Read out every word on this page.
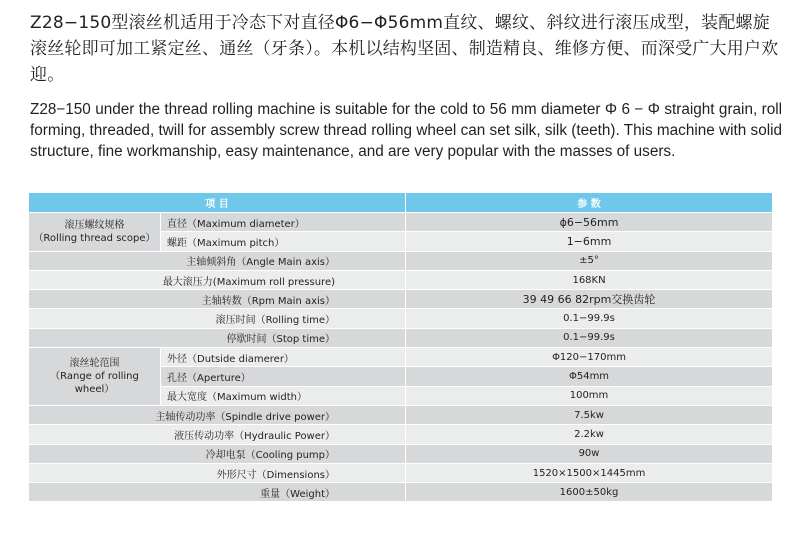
Z28−150型滚丝机适用于冷态下对直径Φ6−Φ56mm直纹、螺纹、斜纹进行滚压成型，装配螺旋滚丝轮即可加工紧定丝、通丝（牙条）。本机以结构坚固、制造精良、维修方便、而深受广大用户欢迎。
Z28−150 under the thread rolling machine is suitable for the cold to 56 mm diameter Φ 6 − Φ straight grain, roll forming, threaded, twill for assembly screw thread rolling wheel can set silk, silk (teeth). This machine with solid structure, fine workmanship, easy maintenance, and are very popular with the masses of users.
项 目		参 数
滚压螺纹规格
（Rolling thread scope）	直径（Maximum diameter）	ϕ6−56mm
	螺距（Maximum pitch）	1−6mm
主轴倾斜角（Angle Main axis）		±5°
最大滚压力(Maximum roll pressure)		168KN
主轴转数（Rpm Main axis）		39 49 66 82rpm交换齿轮
滚压时间（Rolling time）		0.1−99.9s
停歇时间（Stop time）		0.1−99.9s
滚丝轮范围
（Range of rolling
wheel）	外径（Dutside diamerer）	Φ120−170mm
	孔径（Aperture）	Φ54mm
	最大宽度（Maximum width）	100mm
主轴传动功率（Spindle drive power）		7.5kw
液压传动功率（Hydraulic Power）		2.2kw
冷却电泵（Cooling pump）		90w
外形尺寸（Dimensions）		1520×1500×1445mm
重量（Weight）		1600±50kg
